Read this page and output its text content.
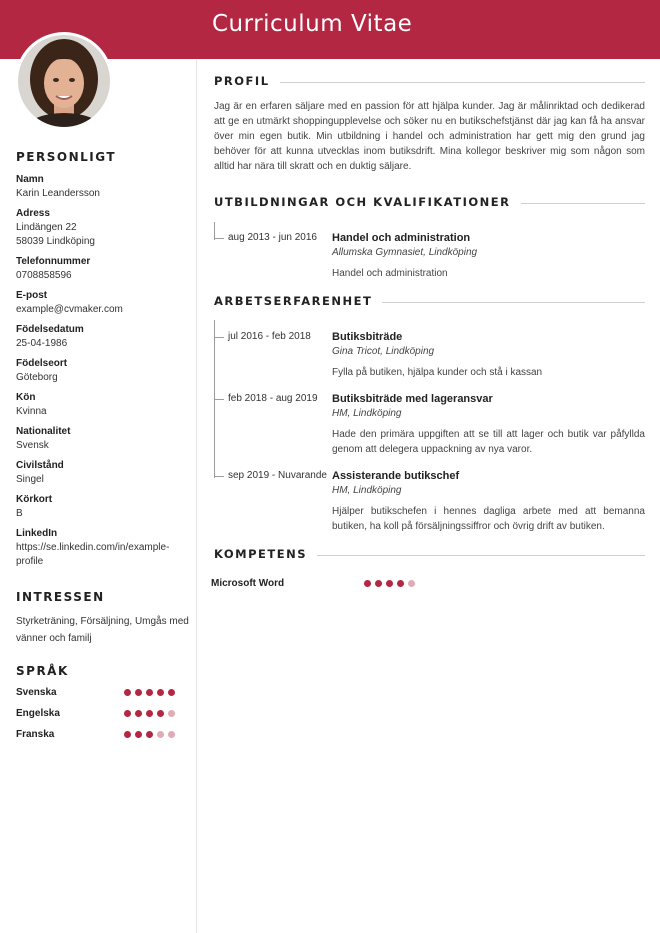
Curriculum Vitae
PERSONLIGT
Namn
Karin Leandersson
Adress
Lindängen 22
58039 Lindköping
Telefonnummer
0708858596
E-post
example@cvmaker.com
Födelsedatum
25-04-1986
Födelseort
Göteborg
Kön
Kvinna
Nationalitet
Svensk
Civilstånd
Singel
Körkort
B
LinkedIn
https://se.linkedin.com/in/example-profile
INTRESSEN
Styrketräning, Försäljning, Umgås med vänner och familj
SPRÅK
Svenska
Engelska
Franska
PROFIL
Jag är en erfaren säljare med en passion för att hjälpa kunder. Jag är målinriktad och dedikerad att ge en utmärkt shoppingupplevelse och söker nu en butikschefstjänst där jag kan få ha ansvar över min egen butik. Min utbildning i handel och administration har gett mig den grund jag behöver för att kunna utvecklas inom butiksdrift. Mina kollegor beskriver mig som någon som alltid har nära till skratt och en duktig säljare.
UTBILDNINGAR OCH KVALIFIKATIONER
ARBETSERFARENHET
KOMPETENS
aug 2013 - jun 2016 Handel och administration
Allumska Gymnasiet, Lindköping
Handel och administration
jul 2016 - feb 2018 Butiksbiträde
Gina Tricot, Lindköping
Fylla på butiken, hjälpa kunder och stå i kassan
feb 2018 - aug 2019 Butiksbiträde med lageransvar
HM, Lindköping
Hade den primära uppgiften att se till att lager och butik var påfyllda genom att delegera uppackning av nya varor.
sep 2019 - Nuvarande Assisterande butikschef
HM, Lindköping
Hjälper butikschefen i hennes dagliga arbete med att bemanna butiken, ha koll på försäljningssiffror och övrig drift av butiken.
Microsoft Word
